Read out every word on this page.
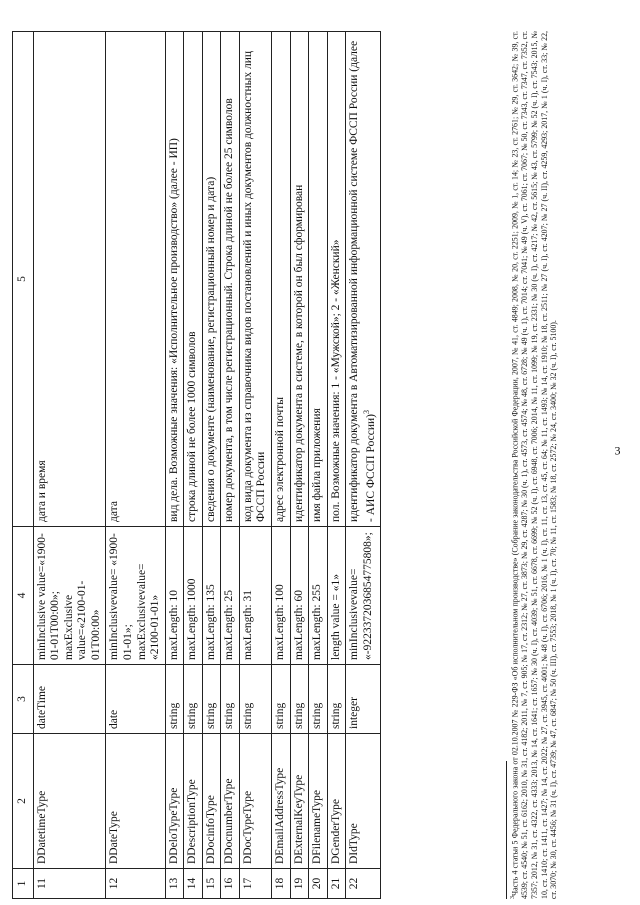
3
1	2	3	4	5
11	DDatetimeType	dateTime	minInclusive value=«1900-01-01T00:00»; maxExclusive value=«2100-01-01T00:00»	дата и время
12	DDateType	date	minInclusivevalue= «1900-01-01»; maxExclusivevalue= «2100-01-01»	дата
13	DDeloTypeType	string	maxLength: 10	вид дела. Возможные значения: «Исполнительное производство» (далее - ИП)
14	DDescriptionType	string	maxLength: 1000	строка длиной не более 1000 символов
15	DDocinfoType	string	maxLength: 135	сведения о документе (наименование, регистрационный номер и дата)
16	DDocnumberType	string	maxLength: 25	номер документа, в том числе регистрационный. Строка длиной не более 25 символов
17	DDocTypeType	string	maxLength: 31	код вида документа из справочника видов постановлений и иных документов должностных лиц ФССП России
18	DEmailAddressType	string	maxLength: 100	адрес электронной почты
19	DExternalKeyType	string	maxLength: 60	идентификатор документа в системе, в которой он был сформирован
20	DFilenameType	string	maxLength: 255	имя файла приложения
21	DGenderType	string	length value = «1»	пол. Возможные значения: 1 - «Мужской»; 2 - «Женский»
22	DIdType	integer	minInclusivevalue= «-9223372036854775808»;	идентификатор документа в Автоматизированной информационной системе ФССП России (далее - АИС ФССП России)$^3$
$^3$Часть 4 статьи 5 Федерального закона от 02.10.2007 № 229-ФЗ «Об исполнительном производстве» (Собрание законодательства Российской Федерации, 2007, № 41, ст. 4849; 2008, № 20, ст. 2251; 2009, № 1, ст. 14; № 23, ст. 2761; № 29, ст. 3642; № 39, ст. 4539; ст. 4540; № 51, ст. 6162; 2010, № 31, ст. 4182; 2011, № 7, ст. 905; № 17, ст. 2312; № 27, ст. 3873; № 29, ст. 4287; № 30 (ч. 1), ст. 4573, ст. 4574; № 48, ст. 6728; № 49 (ч. 1), ст. 7014; ст. 7041; № 49 (ч. V), ст. 7061; ст. 7067; № 50, ст. 7343, ст. 7347, ст. 7352, ст. 7357; 2012, № 31, ст. 4322, ст. 4333; 2013, № 14, ст. 1641; ст. 1657; № 30 (ч. I), ст. 4039; № 51, ст. 6678, ст. 6699; № 52 (ч. I), ст. 6948, ст. 7006; 2014, № 11, ст. 1099; № 19, ст. 2331; № 30 (ч. I), ст. 4217; № 42, ст. 5615; № 43, ст. 5799; № 52 (ч. I), ст. 7543; 2015, № 10, ст. 1410; ст. 1411, ст. 1427; № 14, ст. 2022; № 27, ст. 3945, ст. 4001; № 48 (ч. I), ст. 6706; 2016, № 1 (ч. I), ст. 11, ст. 13, ст. 45, ст. 64; № 11, ст. 1493; № 14, ст. 1910; № 18, ст. 2511; № 27 (ч. I), ст. 4207; № 27 (ч. II), ст. 4259, 4293; 2017, № 1 (ч. I), ст. 33; № 22, ст. 3070; № 30, ст. 4456; № 31 (ч. I), ст. 4739; № 47, ст. 6847; № 50 (ч. III), ст. 7553; 2018, № 1 (ч. I), ст. 70; № 11, ст. 1583; № 18, ст. 2572; № 24, ст. 3400; № 32 (ч. I), ст. 5100).
